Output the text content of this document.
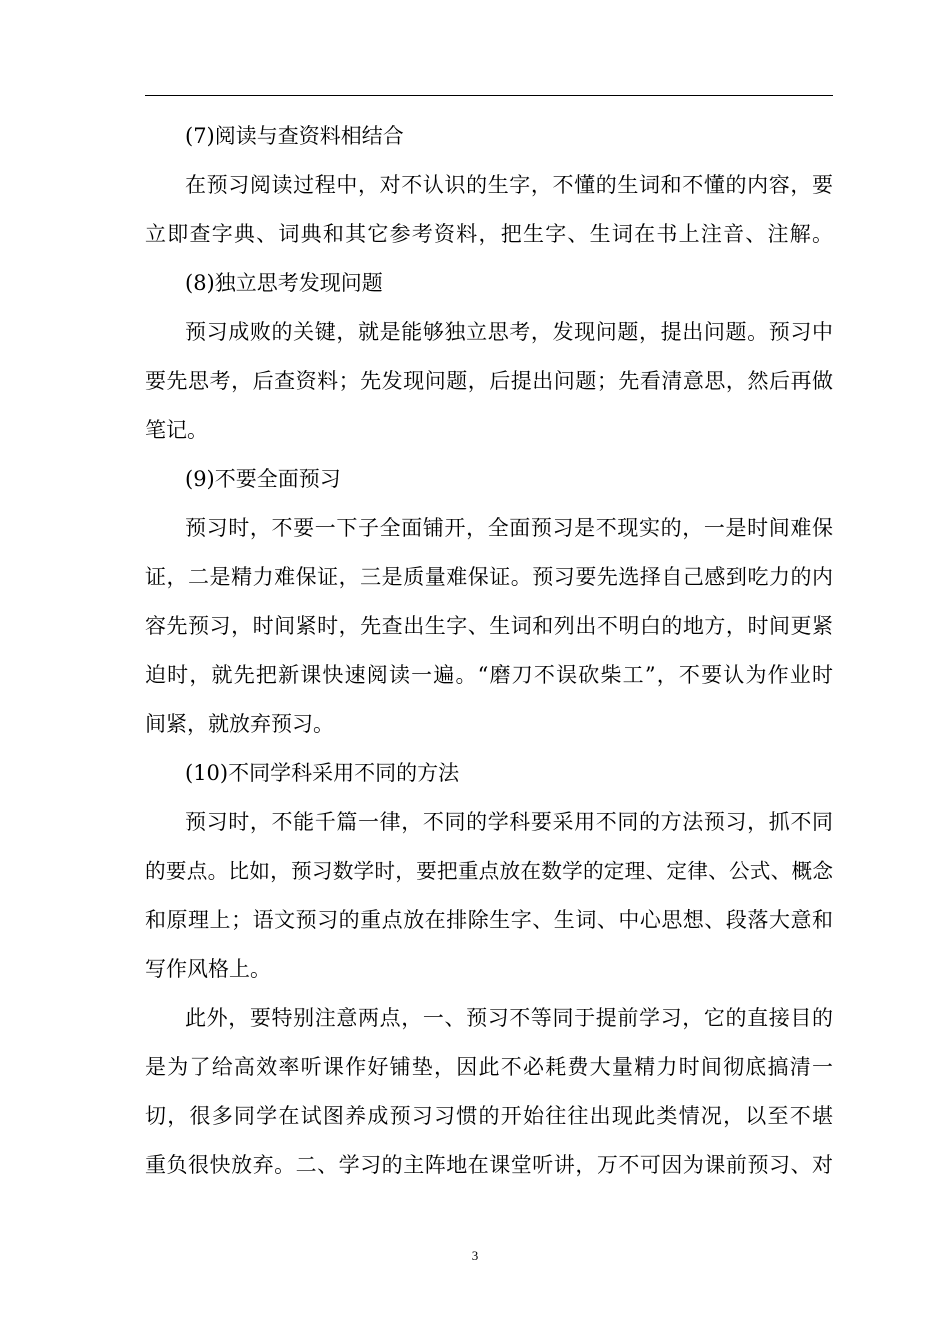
(7)阅读与查资料相结合
在预习阅读过程中，对不认识的生字，不懂的生词和不懂的内容，要
立即查字典、词典和其它参考资料，把生字、生词在书上注音、注解。
(8)独立思考发现问题
预习成败的关键，就是能够独立思考，发现问题，提出问题。预习中
要先思考，后查资料；先发现问题，后提出问题；先看清意思，然后再做
笔记。
(9)不要全面预习
预习时，不要一下子全面铺开，全面预习是不现实的，一是时间难保
证，二是精力难保证，三是质量难保证。预习要先选择自己感到吃力的内
容先预习，时间紧时，先查出生字、生词和列出不明白的地方，时间更紧
迫时，就先把新课快速阅读一遍。“磨刀不误砍柴工”，不要认为作业时
间紧，就放弃预习。
(10)不同学科采用不同的方法
预习时，不能千篇一律，不同的学科要采用不同的方法预习，抓不同
的要点。比如，预习数学时，要把重点放在数学的定理、定律、公式、概念
和原理上；语文预习的重点放在排除生字、生词、中心思想、段落大意和
写作风格上。
此外，要特别注意两点，一、预习不等同于提前学习，它的直接目的
是为了给高效率听课作好铺垫，因此不必耗费大量精力时间彻底搞清一
切，很多同学在试图养成预习习惯的开始往往出现此类情况，以至不堪
重负很快放弃。二、学习的主阵地在课堂听讲，万不可因为课前预习、对
3
